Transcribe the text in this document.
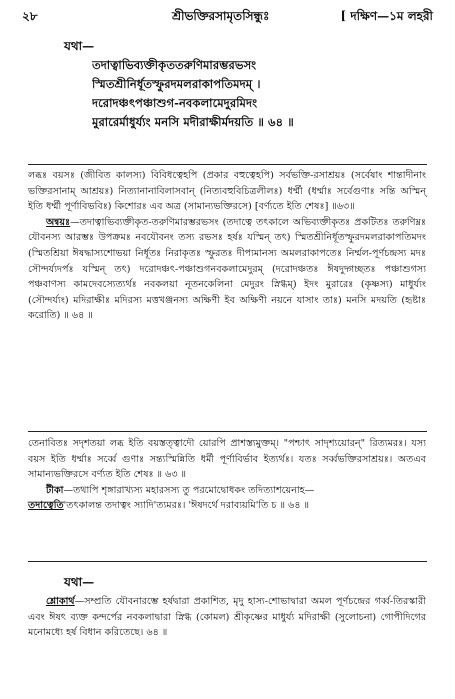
২৮	শ্রীভক্তিরসামৃতসিন্ধুঃ	[ দক্ষিণ—১ম লহরী
যথা—
তদাত্বাভিব্যক্তীকৃততরুণিমারম্ভরভসং
স্মিতশ্রীনির্ধূতস্ফুরদমলরাকাপতিমদম্ ।
দরোদঞ্চৎপঞ্চাশুগ-নবকলামেদুরমিদং
মুরারের্মাধুর্য্যং মনসি মদীরাক্ষীর্মদয়তি ॥ ৬৪ ॥

লব্ধঃ বয়সঃ (জীবিত কালস্য) বিবিধত্বেহপি (প্রকার বহুত্বেহপি) সর্বভক্তি-রসাশ্রয়ঃ (সর্বেষাং শান্তাদীনাং ভক্তিরসানাম্ আশ্রয়ঃ) নিত্যানানাবিলাসবান্ (নিত্যবহুবিচিত্রলীলঃ) ধর্ম্মী (ধর্ম্মাঃ সর্বেগুণাঃ সন্তি অস্মিন্ ইতি ধর্ম্মী পূর্ণাবিভবিঃ) কিশোরঃ এব অত্র (সামান্যভক্তিরসে) [বর্ণ্যতে ইতি শেষঃ] ॥৬৩॥

অন্বয়ঃ—তদাত্বাভিব্যক্তীকৃত-তরুণিমারম্ভরভসং (তদাত্বে তৎকালে অভিব্যক্তীকৃতঃ প্রকটিতঃ তরুণিম্নঃ যৌবনস্য আরম্ভঃ উপক্রমঃ নবযৌবনং তস্য রভসঃ হর্ষঃ যস্মিন্ তৎ) স্মিতশ্রীনির্ধূতস্ফুরদমলরাকাপতিমদং (স্মিতশ্রিয়া ঈষদ্ধাস্যশোভয়া নির্ধূতঃ নিরাকৃতঃ স্ফুরতঃ দীপ্যমানস্য অমলরাকাপতেঃ নির্ম্মল-পূর্ণচন্দ্রস্য মদঃ সৌন্দর্য্যদর্পঃ যস্মিন্ তৎ) দরোদঞ্চৎ-পঞ্চাশুগনবকলামেদুরম্ (দরোদঞ্চতঃ ঈষদুদ্গচ্ছতঃ পঞ্চাশুগস্য পঞ্চবাণস্য কামদেবস্যেত্যর্থঃ নবকলয়া নূতনকেলিনা মেদুরং স্নিগ্ধম্) ইদং মুরারেঃ (কৃষ্ণস্য) মাধুর্য্যং (সৌন্দর্য্যং) মদিরাক্ষীঃ মদিরস্য মত্তখঞ্জনস্য অক্ষিণী ইব অক্ষিণী নয়নে যাসাং তাঃ) মনসি মদয়তি (হৃষ্টাঃ করোতি) ॥ ৬৪ ॥

তেনাবিতঃ সদৃশতয়া লব্ধ ইতি বয়স্তত্ত্বাদৌ য়োরপি প্রাশস্ত্যমুক্তম্। "পশ্চাৎ সাদৃশ্যয়োরন্" রিত্যমরঃ। যস্য বয়স ইতি ধর্ম্মাঃ সর্ব্বে গুণাঃ সন্ত্যস্মিন্নিতি ধর্মী পূর্ণাবির্ভাব ইত্যর্থঃ। যতঃ সর্ব্বভক্তিরসাশ্রয়ঃ। অতএব সামান্যভক্তিরসে বর্ণ্যত ইতি শেষঃ ॥ ৬৩ ॥

টীকা—তথাপি শৃঙ্গারাখ্যস্য মহারসস্য তু পরমোদ্বোধকং তদিত্যাশয়েনাহ—

তদাত্বেতি'তৎকালন্ত তদাত্বং স্যাদি'ত্যমরঃ। 'ঈষদর্থে দরাব্যয়মি'তি চ ॥ ৬৪ ॥

যথা—

শ্লোকার্থ—সম্প্রতি যৌবনারম্ভে হর্ষদ্বারা প্রকাশিত, মৃদু হাস্য-শোভাদ্বারা অমল পূর্ণচন্দ্রের গর্ব্ব-তিরস্কারী এবং ঈষৎ ব্যক্ত কন্দর্পের নবকলাদ্বারা স্নিগ্ধ (কোমল) শ্রীকৃষ্ণের মাধুর্য্য মদিরাক্ষী (সুলোচনা) গোপীদিগের মনোমধ্যে হর্ষ বিধান করিতেছে। ৬৪ ॥
